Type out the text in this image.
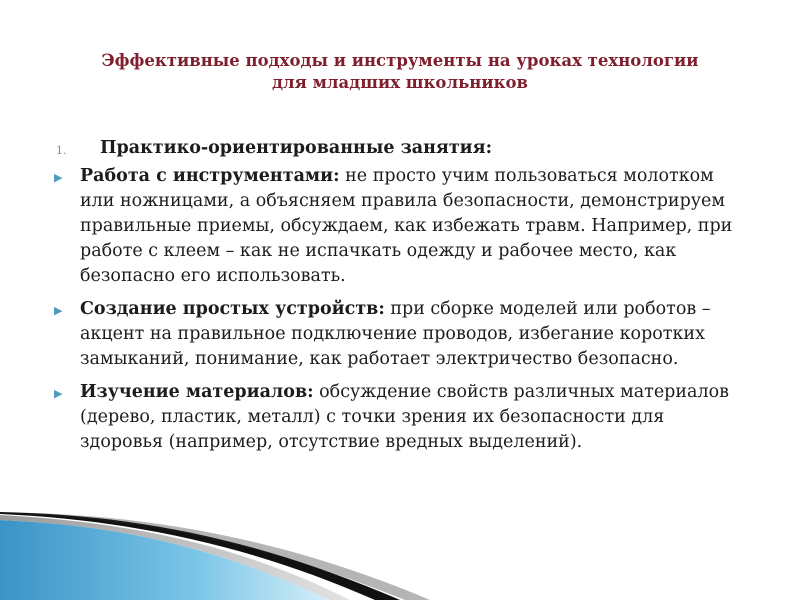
Эффективные подходы и инструменты на уроках технологии
для младших школьников
1. Практико-ориентированные занятия:
▶ Работа с инструментами: не просто учим пользоваться молотком или ножницами, а объясняем правила безопасности, демонстрируем правильные приемы, обсуждаем, как избежать травм. Например, при работе с клеем – как не испачкать одежду и рабочее место, как безопасно его использовать.
▶ Создание простых устройств: при сборке моделей или роботов – акцент на правильное подключение проводов, избегание коротких замыканий, понимание, как работает электричество безопасно.
▶ Изучение материалов: обсуждение свойств различных материалов (дерево, пластик, металл) с точки зрения их безопасности для здоровья (например, отсутствие вредных выделений).
